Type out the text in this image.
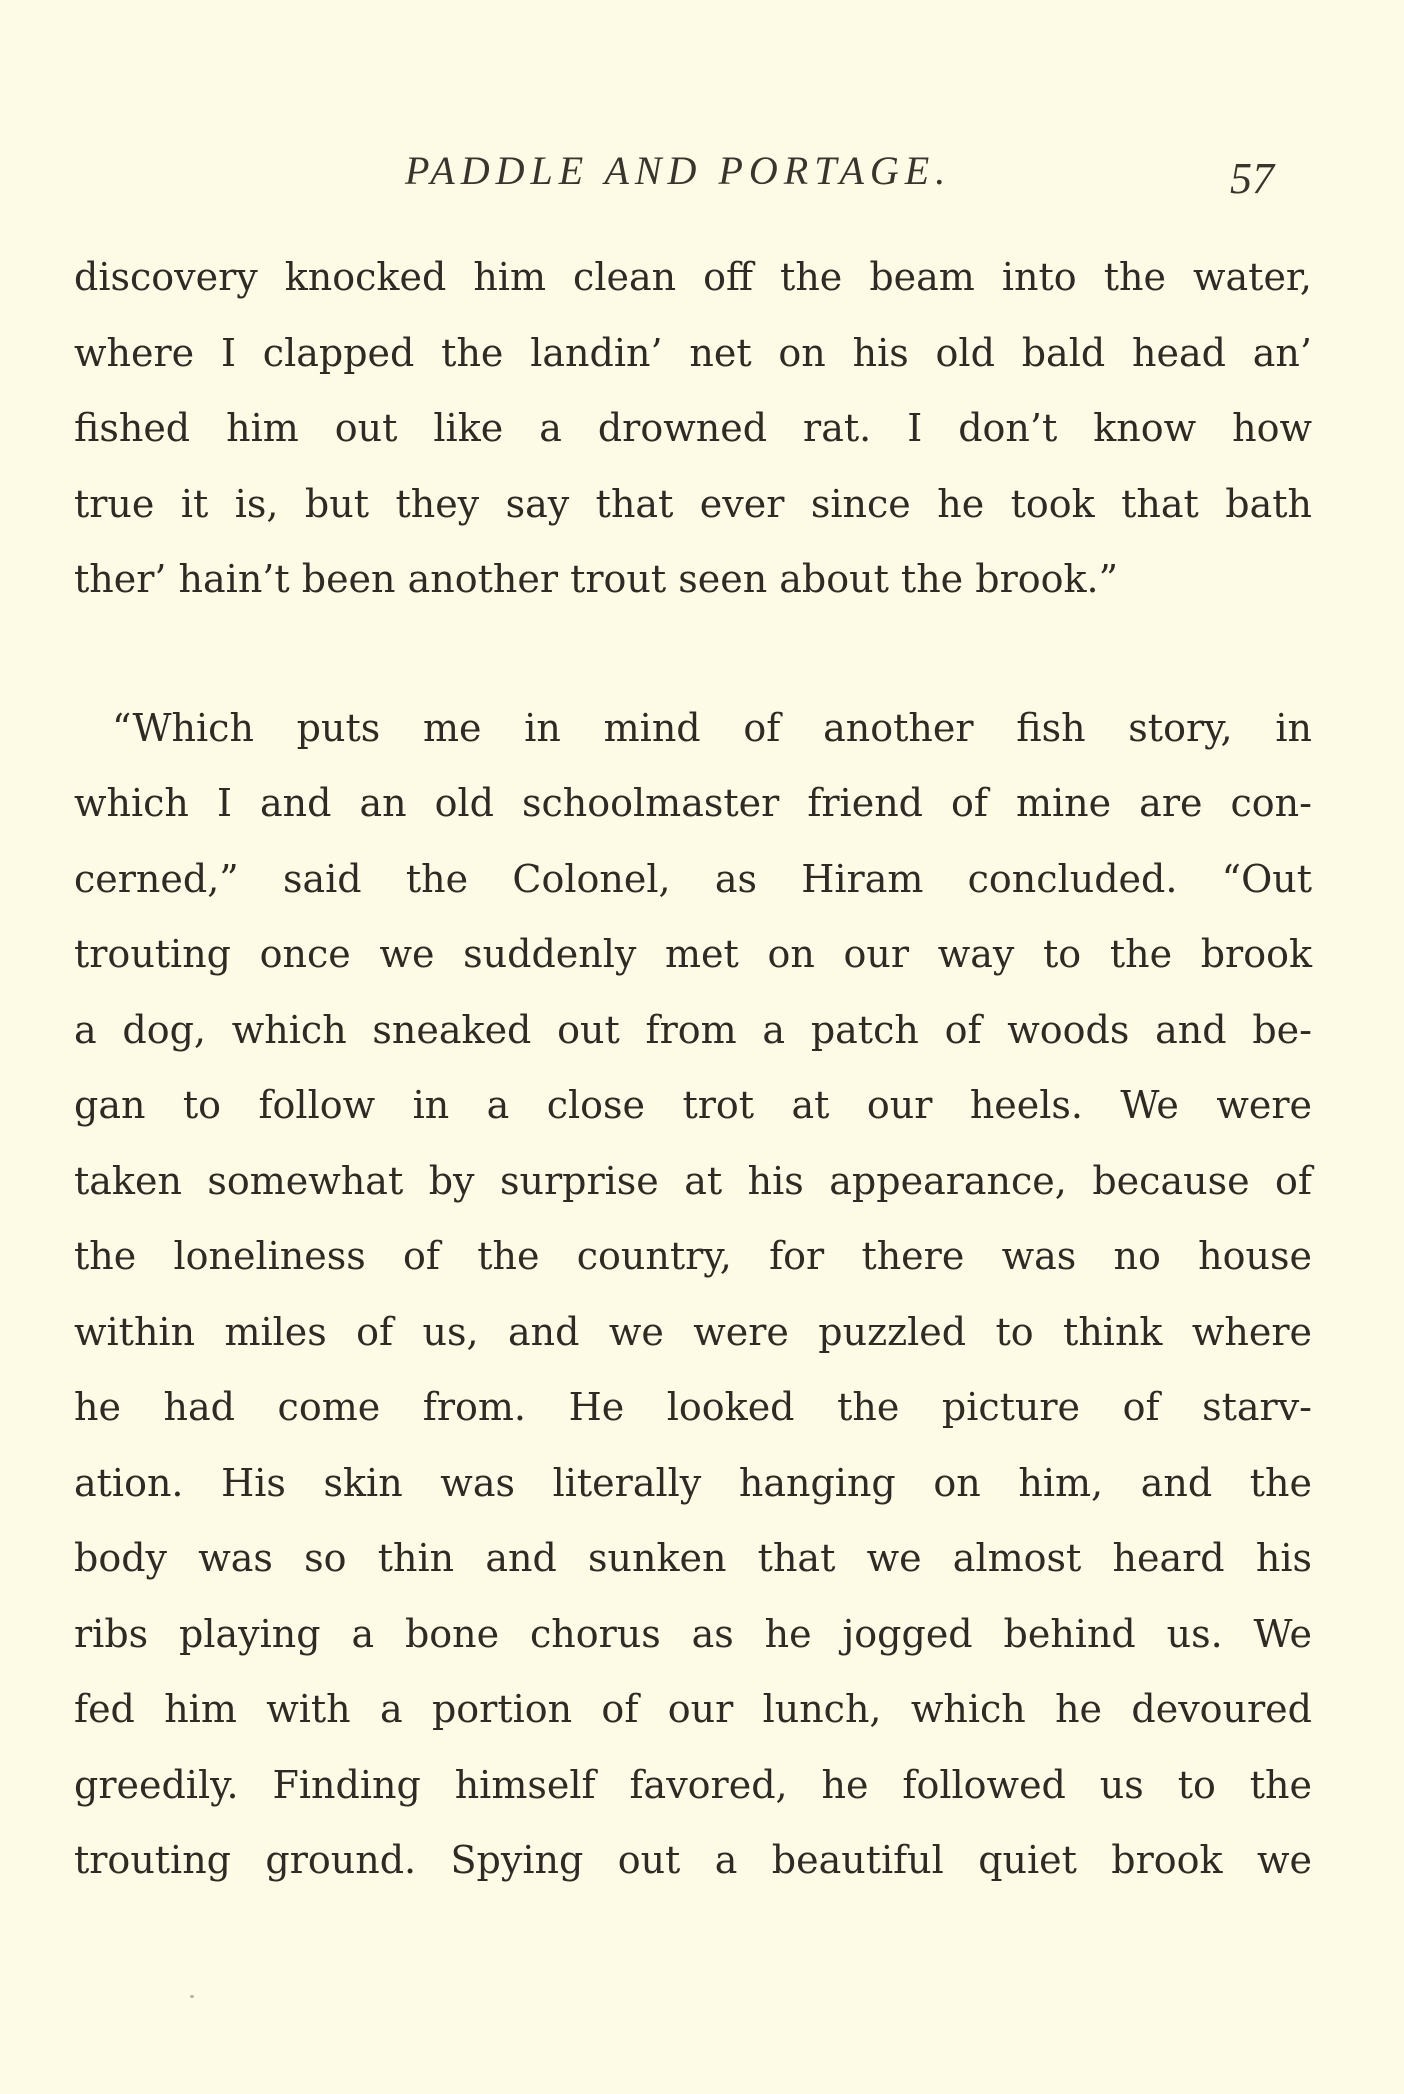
PADDLE AND PORTAGE.	57
discovery knocked him clean off the beam into the water,
where I clapped the landin’ net on his old bald head an’
fished him out like a drowned rat. I don’t know how
true it is, but they say that ever since he took that bath
ther’ hain’t been another trout seen about the brook.”
“Which puts me in mind of another fish story, in
which I and an old schoolmaster friend of mine are con-
cerned,” said the Colonel, as Hiram concluded. “Out
trouting once we suddenly met on our way to the brook
a dog, which sneaked out from a patch of woods and be-
gan to follow in a close trot at our heels. We were
taken somewhat by surprise at his appearance, because of
the loneliness of the country, for there was no house
within miles of us, and we were puzzled to think where
he had come from. He looked the picture of starv-
ation. His skin was literally hanging on him, and the
body was so thin and sunken that we almost heard his
ribs playing a bone chorus as he jogged behind us. We
fed him with a portion of our lunch, which he devoured
greedily. Finding himself favored, he followed us to the
trouting ground. Spying out a beautiful quiet brook we
